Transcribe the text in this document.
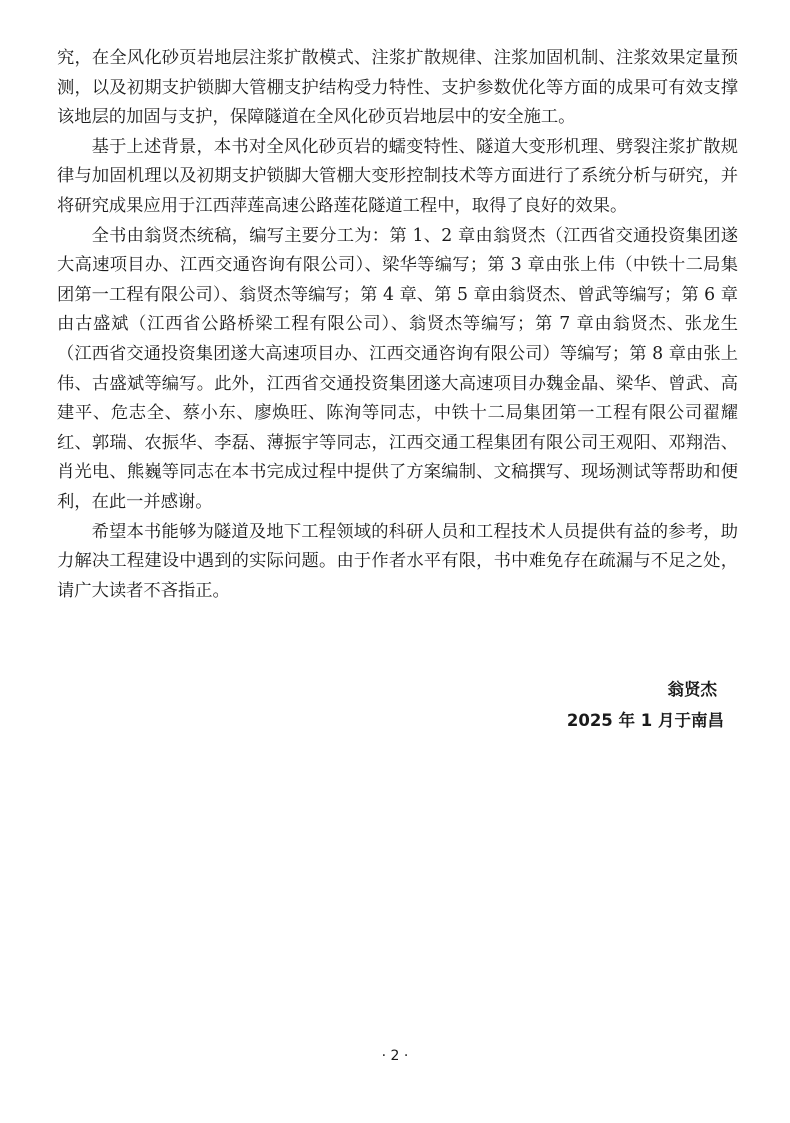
究，在全风化砂页岩地层注浆扩散模式、注浆扩散规律、注浆加固机制、注浆效果定量预测，以及初期支护锁脚大管棚支护结构受力特性、支护参数优化等方面的成果可有效支撑该地层的加固与支护，保障隧道在全风化砂页岩地层中的安全施工。

基于上述背景，本书对全风化砂页岩的蠕变特性、隧道大变形机理、劈裂注浆扩散规律与加固机理以及初期支护锁脚大管棚大变形控制技术等方面进行了系统分析与研究，并将研究成果应用于江西萍莲高速公路莲花隧道工程中，取得了良好的效果。

全书由翁贤杰统稿，编写主要分工为：第 1、2 章由翁贤杰（江西省交通投资集团遂大高速项目办、江西交通咨询有限公司）、梁华等编写；第 3 章由张上伟（中铁十二局集团第一工程有限公司）、翁贤杰等编写；第 4 章、第 5 章由翁贤杰、曾武等编写；第 6 章由古盛斌（江西省公路桥梁工程有限公司）、翁贤杰等编写；第 7 章由翁贤杰、张龙生（江西省交通投资集团遂大高速项目办、江西交通咨询有限公司）等编写；第 8 章由张上伟、古盛斌等编写。此外，江西省交通投资集团遂大高速项目办魏金晶、梁华、曾武、高建平、危志全、蔡小东、廖焕旺、陈洵等同志，中铁十二局集团第一工程有限公司翟耀红、郭瑞、农振华、李磊、薄振宇等同志，江西交通工程集团有限公司王观阳、邓翔浩、肖光电、熊巍等同志在本书完成过程中提供了方案编制、文稿撰写、现场测试等帮助和便利，在此一并感谢。

希望本书能够为隧道及地下工程领域的科研人员和工程技术人员提供有益的参考，助力解决工程建设中遇到的实际问题。由于作者水平有限，书中难免存在疏漏与不足之处，请广大读者不吝指正。

翁贤杰
2025 年 1 月于南昌
· 2 ·
